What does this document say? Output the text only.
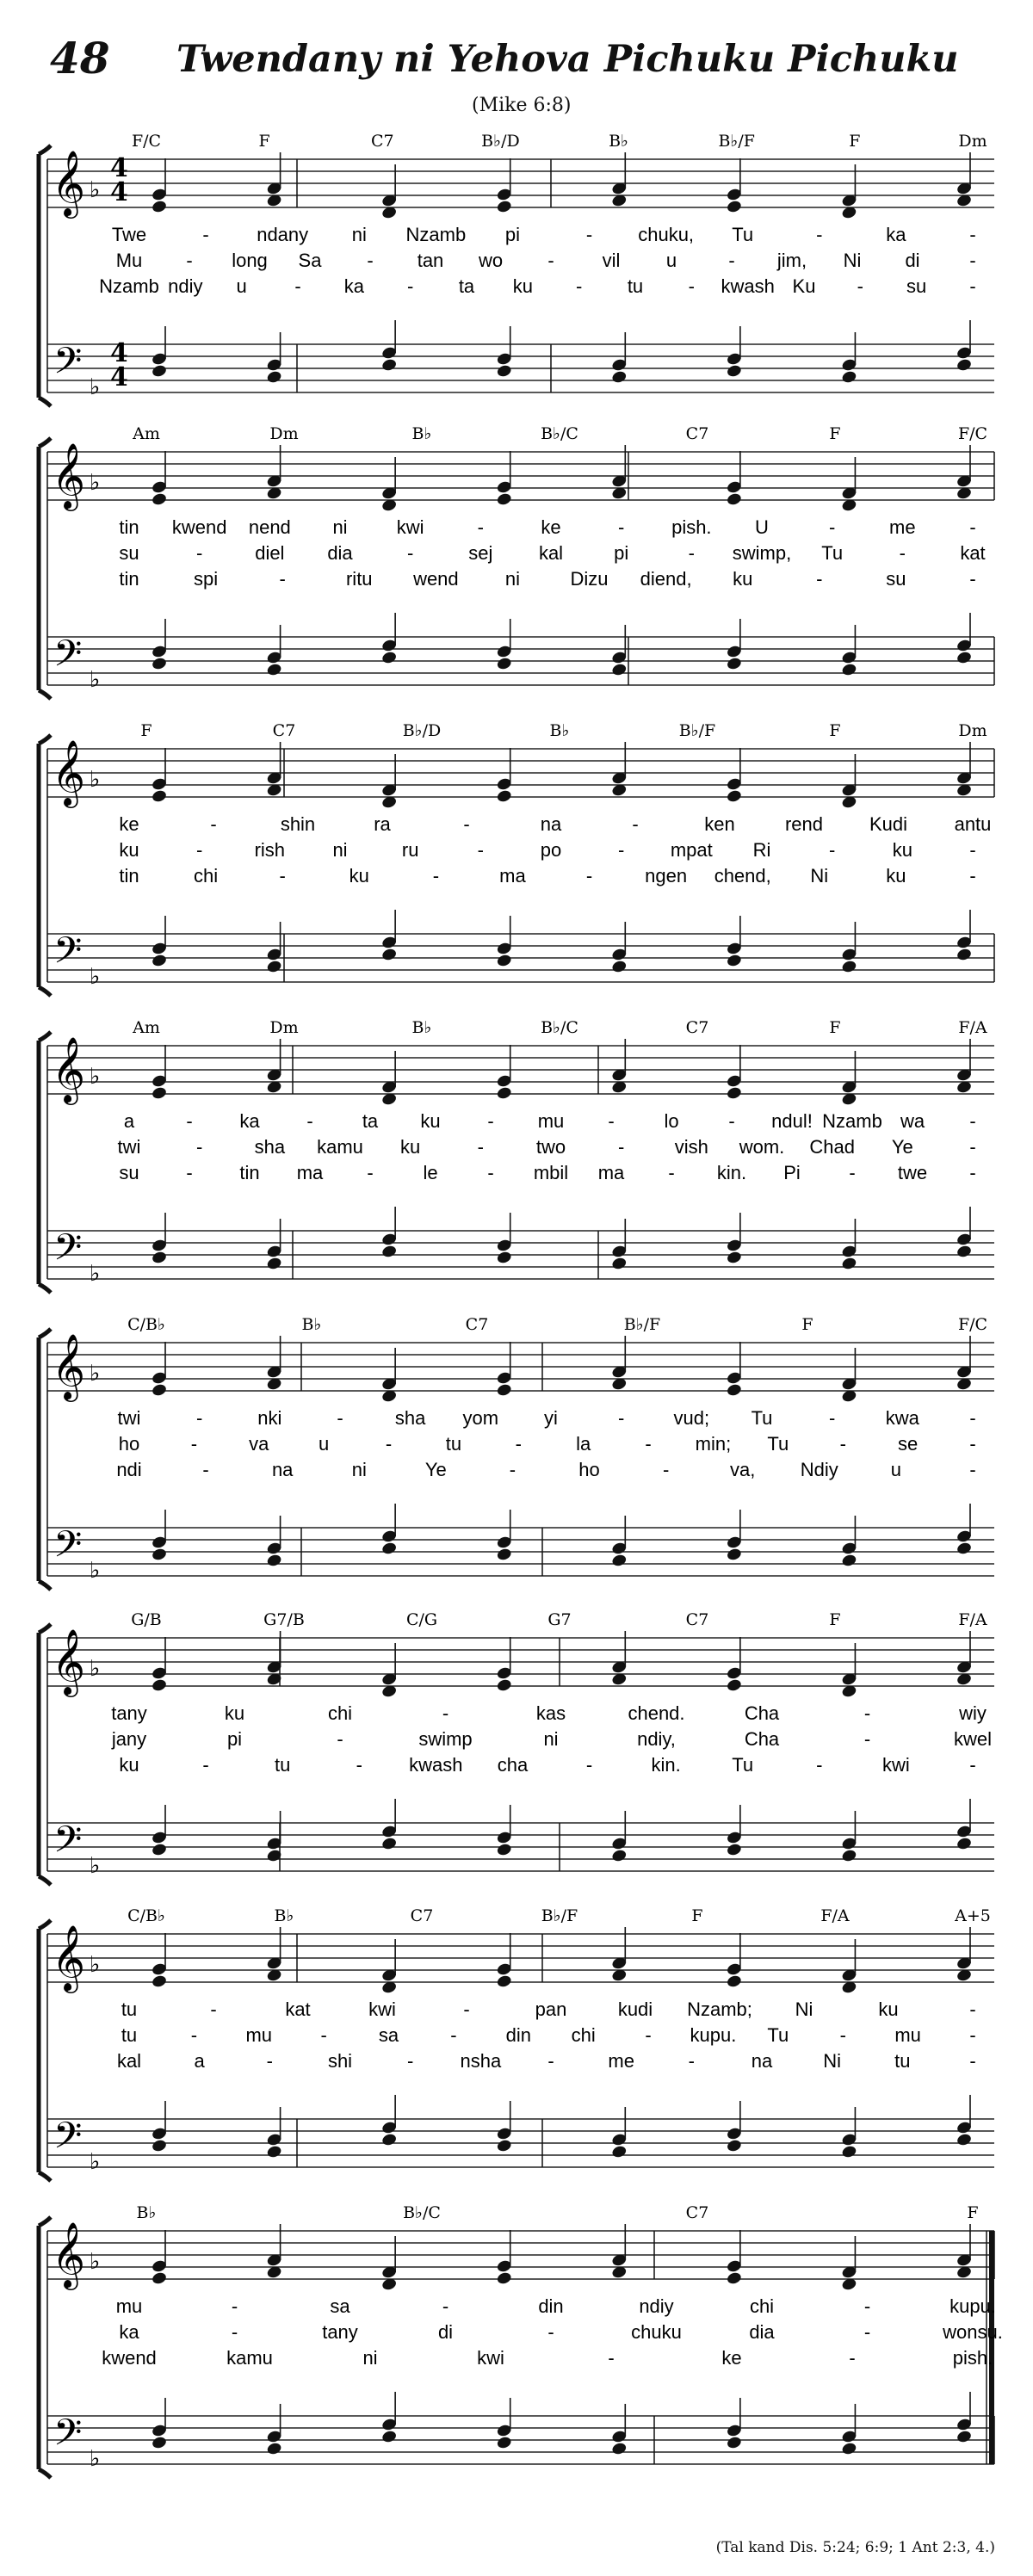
48 Twendany ni Yehova Pichuku Pichuku
(Mike 6:8)
𝄞
𝄢
♭
♭
4
4
4
4
F/C	F	C7	B♭/D	B♭	B♭/F	F	Dm
Twe	-	ndany ni Nzamb pi	- chuku, Tu	-	ka	-
Mu - long Sa - tan wo -	vil u	- jim, Ni di	-
Nzamb ndiy u	- ka - ta ku - tu - kwash Ku - su -
𝄞
𝄢
♭
♭
Am	Dm	B♭	B♭/C	C7	F	F/C
tin kwend nend ni	kwi	-	ke	- pish. U	-	me	-
su	-	diel dia	-	sej kal	pi	- swimp, Tu	-	kat
tin	spi	-	ritu wend ni	Dizu diend, ku	-	su	-
𝄞
𝄢
♭
♭
F	C7	B♭/D	B♭	B♭/F	F	Dm
ke	-	shin	ra	-	na	-	ken	rend Kudi antu
ku	-	rish	ni	ru	-	po	- mpat Ri	-	ku	-
tin	chi	-	ku	-	ma	-	ngen chend, Ni	ku	-
𝄞
𝄢
♭
♭
Am	Dm	B♭	B♭/C	C7	F	F/A
a	- ka -	ta ku - mu -	lo	- ndul! Nzamb wa -
twi	-	sha kamu ku	-	two	-	vish wom. Chad Ye	-
su - tin ma -	le	- mbil ma - kin. Pi	- twe -
𝄞
𝄢
♭
♭
C/B♭	B♭	C7	B♭/F	F	F/C
twi	-	nki	-	sha yom yi	-	vud; Tu	-	kwa	-
ho	-	va	u	-	tu	-	la	- min; Tu	-	se	-
ndi	-	na	ni	Ye	-	ho	-	va, Ndiy	u	-
𝄞
𝄢
♭
♭
G/B	G7/B	C/G	G7	C7	F	F/A
tany	ku	chi	-	kas	chend.	Cha	-	wiy
jany	pi	-	swimp	ni	ndiy,	Cha	-	kwel
ku	-	tu	- kwash cha	-	kin.	Tu	-	kwi	-
𝄞
𝄢
♭
♭
C/B♭	B♭	C7	B♭/F	F	F/A	A+5
tu	-	kat	kwi	-	pan	kudi Nzamb; Ni	ku	-
tu	-	mu	-	sa	-	din chi	- kupu. Tu	-	mu	-
kal	a	-	shi	- nsha -	me	-	na	Ni	tu	-
𝄞
𝄢
♭
♭
B♭	B♭/C	C7	F
mu	-	sa	-	din	ndiy	chi	-	kupu.
ka	-	tany	di	-	chuku	dia	-	wonsu.
kwend	kamu	ni	kwi	-	ke	-	pish.
(Tal kand Dis. 5:24; 6:9; 1 Ant 2:3, 4.)
